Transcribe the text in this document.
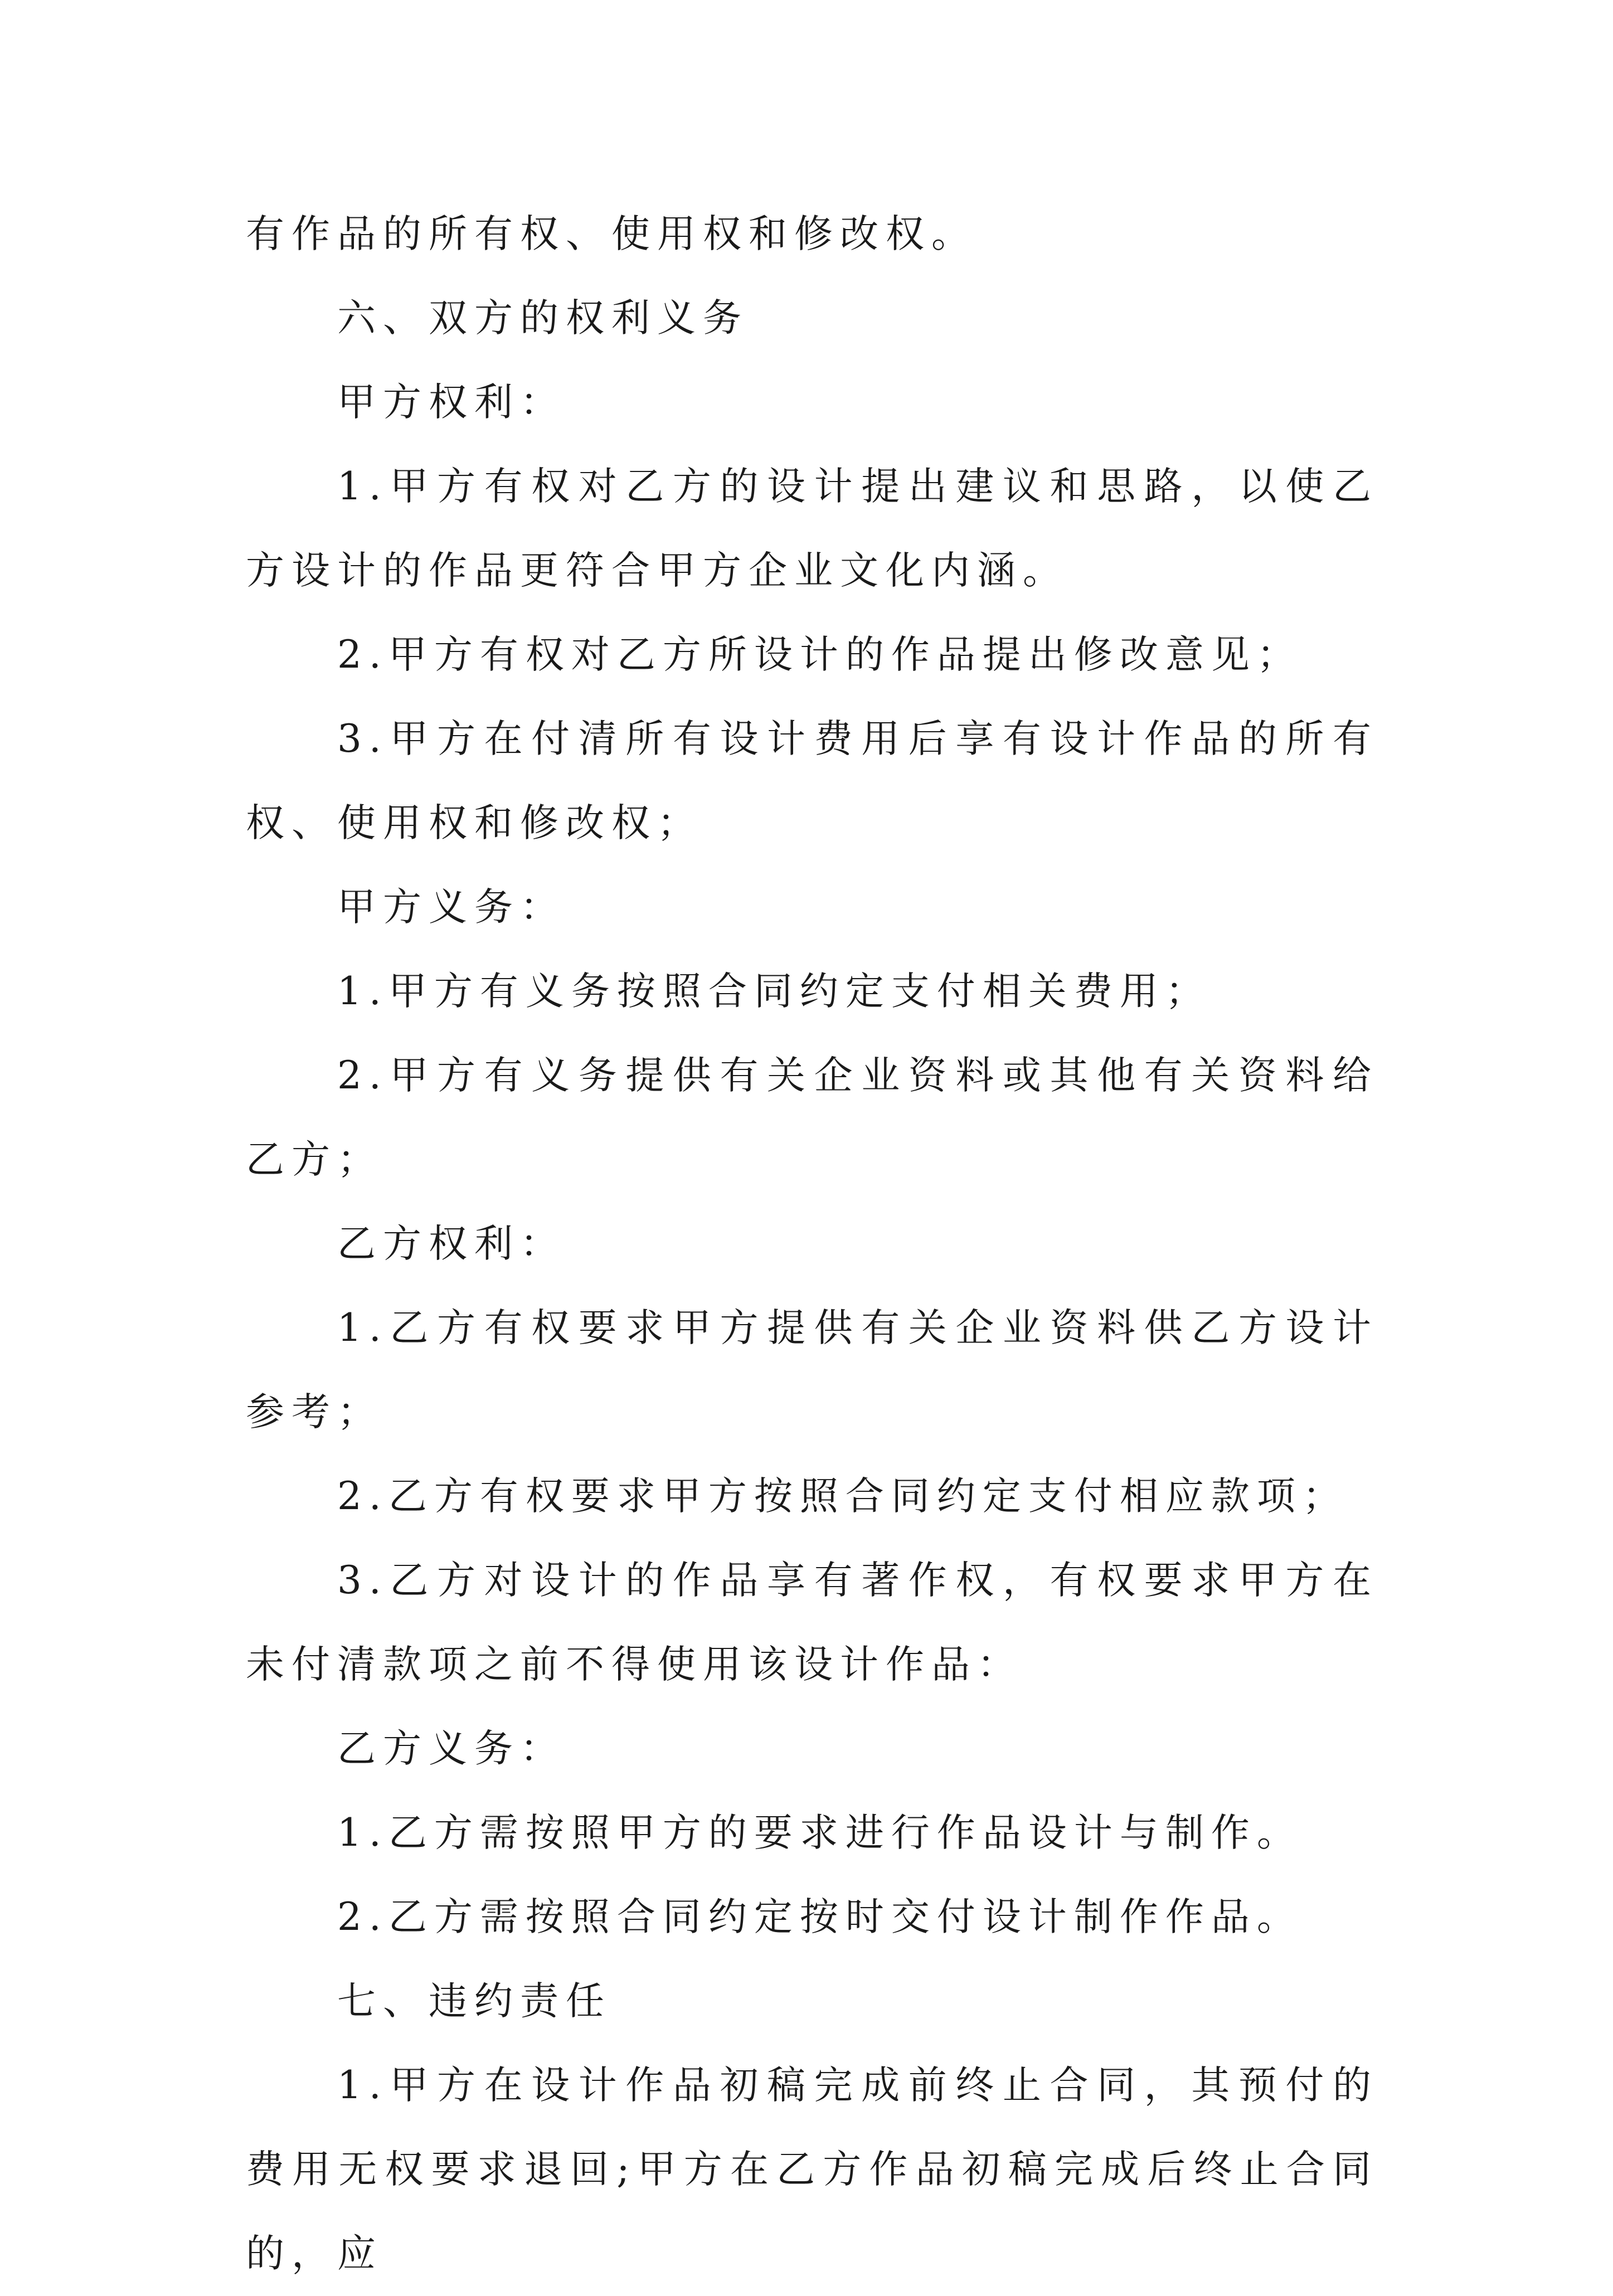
有作品的所有权、使用权和修改权。

六、双方的权利义务

甲方权利：

1.甲方有权对乙方的设计提出建议和思路，以使乙方设计的作品更符合甲方企业文化内涵。

2.甲方有权对乙方所设计的作品提出修改意见；

3.甲方在付清所有设计费用后享有设计作品的所有权、使用权和修改权；

甲方义务：

1.甲方有义务按照合同约定支付相关费用；

2.甲方有义务提供有关企业资料或其他有关资料给乙方；

乙方权利：

1.乙方有权要求甲方提供有关企业资料供乙方设计参考；

2.乙方有权要求甲方按照合同约定支付相应款项；

3.乙方对设计的作品享有著作权，有权要求甲方在未付清款项之前不得使用该设计作品：

乙方义务：

1.乙方需按照甲方的要求进行作品设计与制作。

2.乙方需按照合同约定按时交付设计制作作品。

七、违约责任

1.甲方在设计作品初稿完成前终止合同，其预付的费用无权要求退回;甲方在乙方作品初稿完成后终止合同的，应
